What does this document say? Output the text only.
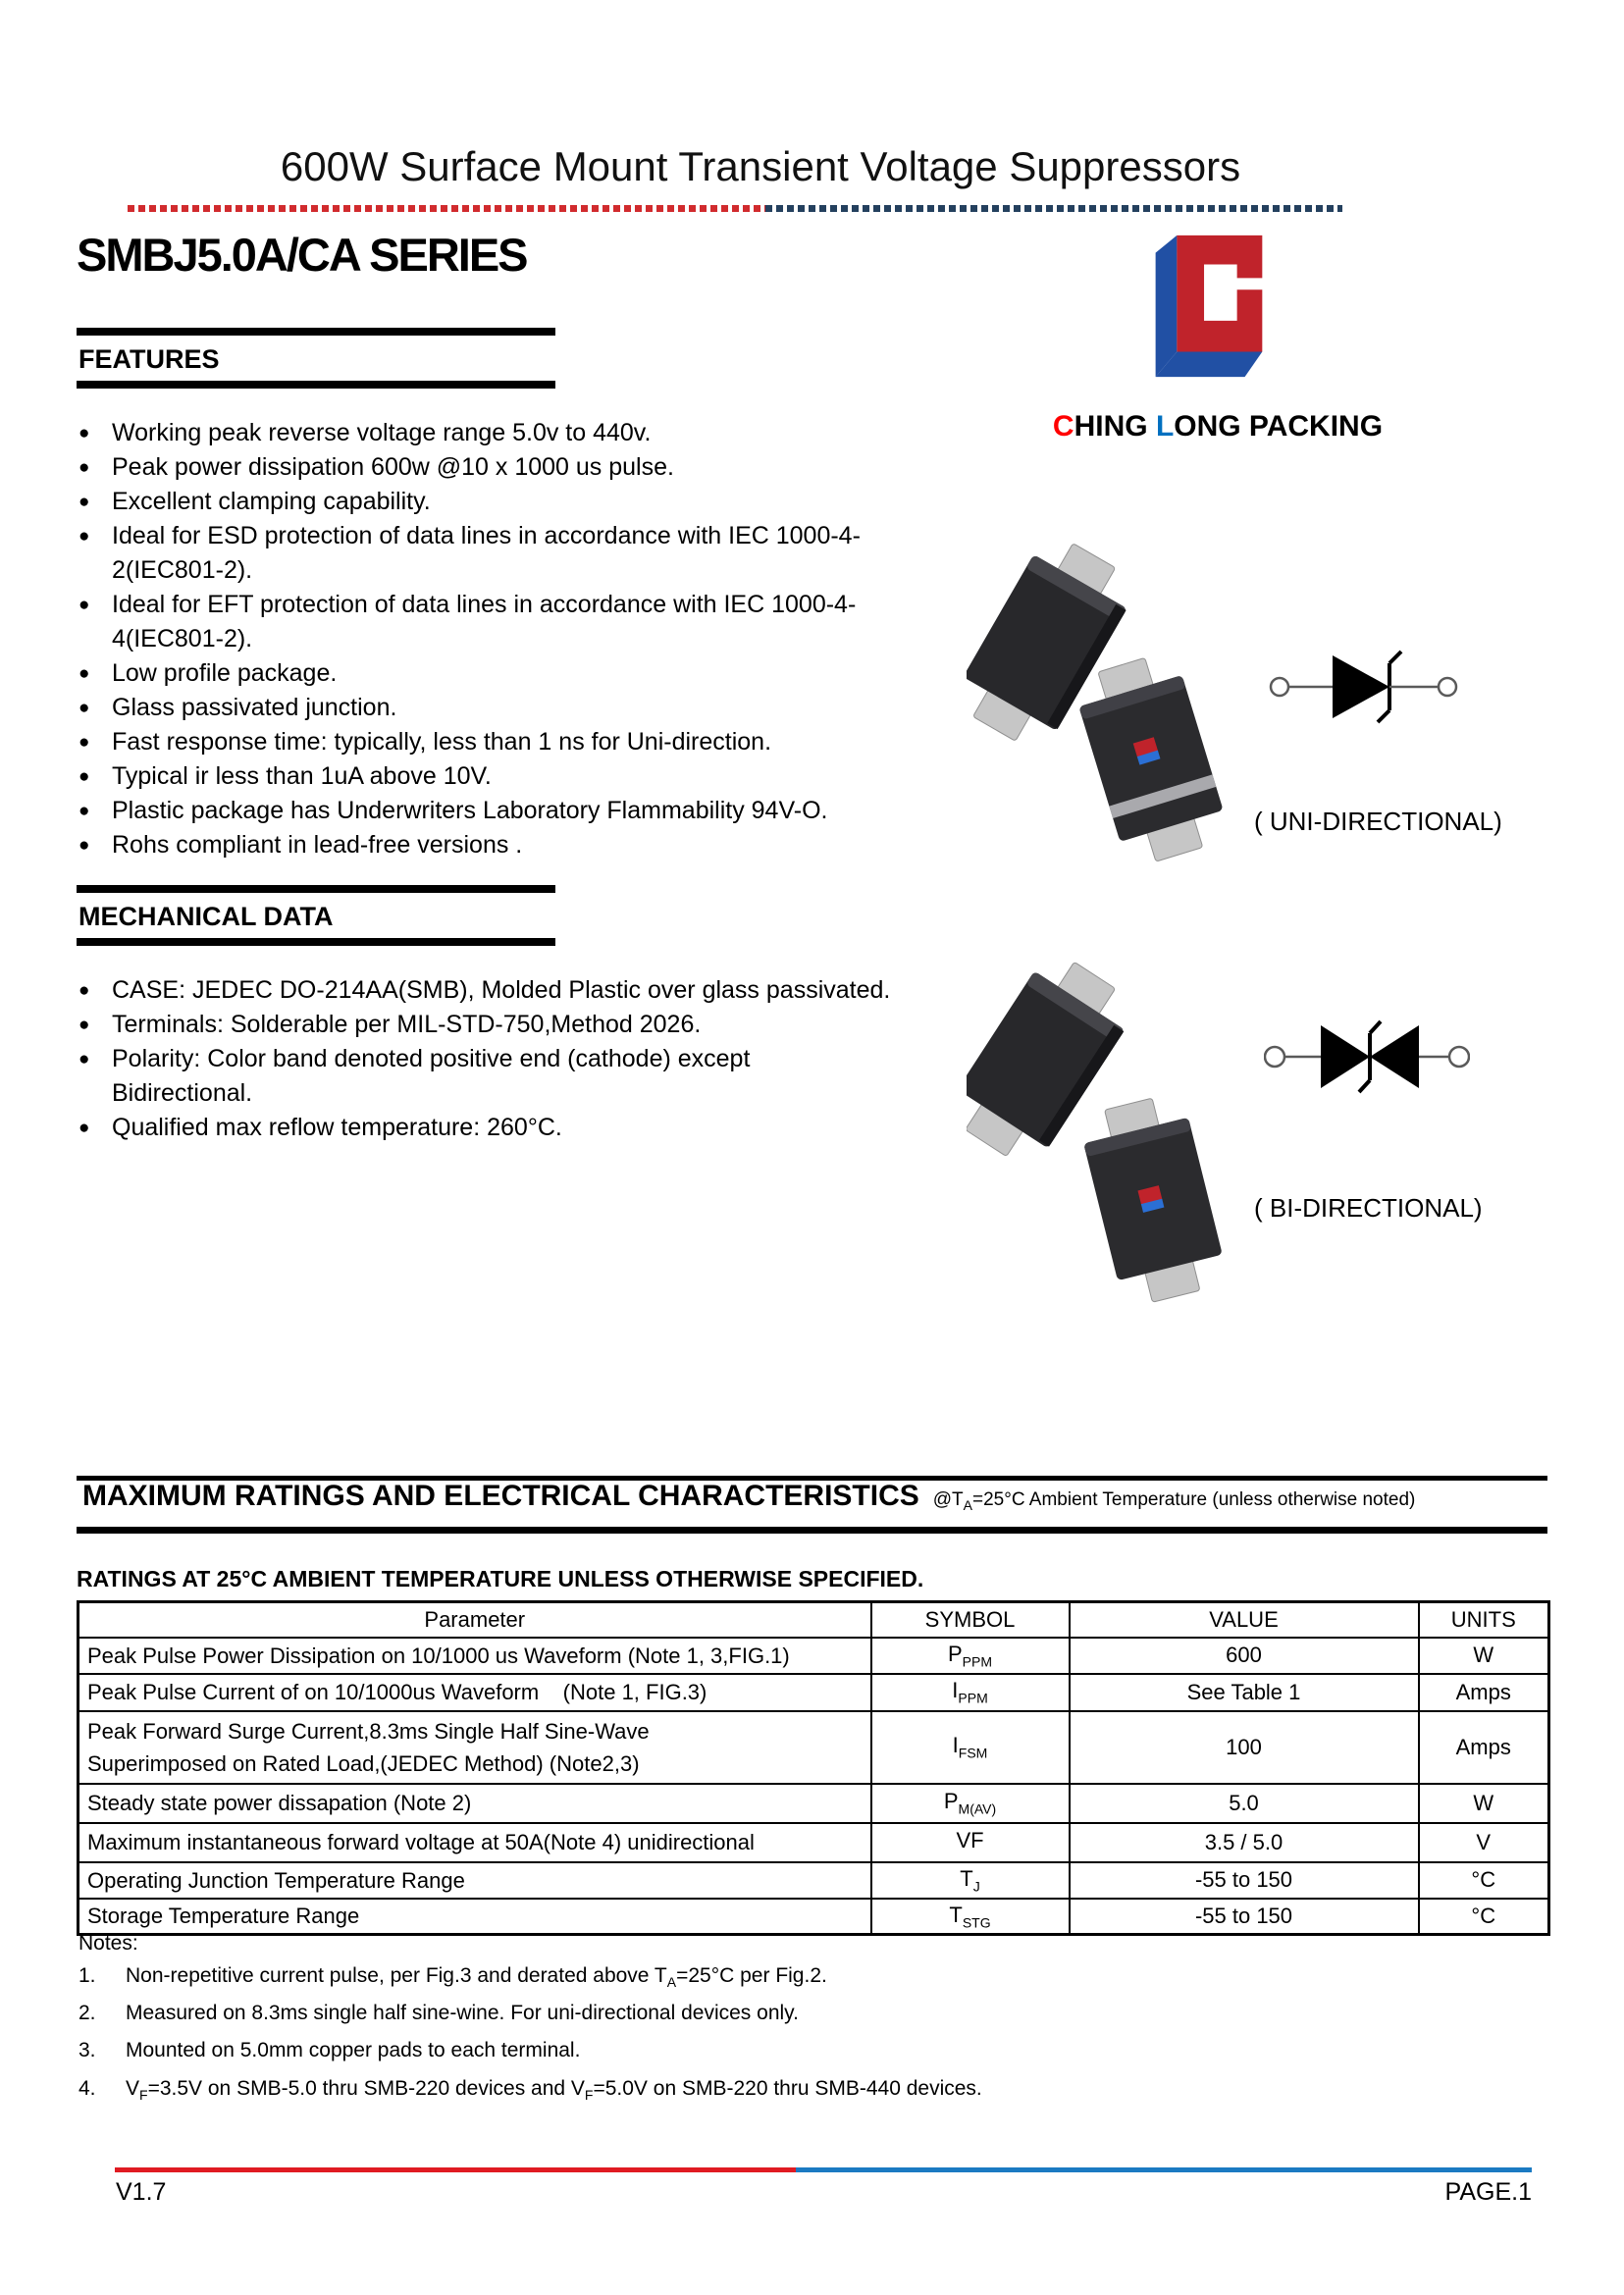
600W Surface Mount Transient Voltage Suppressors
SMBJ5.0A/CA SERIES
CHING LONG PACKING
FEATURES
● Working peak reverse voltage range 5.0v to 440v.
● Peak power dissipation 600w @10 x 1000 us pulse.
● Excellent clamping capability.
● Ideal for ESD protection of data lines in accordance with IEC 1000-4-
2(IEC801-2).
● Ideal for EFT protection of data lines in accordance with IEC 1000-4-
4(IEC801-2).
● Low profile package.
● Glass passivated junction.
● Fast response time: typically, less than 1 ns for Uni-direction.
● Typical ir less than 1uA above 10V.
● Plastic package has Underwriters Laboratory Flammability 94V-O.
● Rohs compliant in lead-free versions .
MECHANICAL DATA
● CASE: JEDEC DO-214AA(SMB), Molded Plastic over glass passivated.
● Terminals: Solderable per MIL-STD-750,Method 2026.
● Polarity: Color band denoted positive end (cathode) except
Bidirectional.
● Qualified max reflow temperature: 260°C.
( UNI-DIRECTIONAL)
( BI-DIRECTIONAL)
MAXIMUM RATINGS AND ELECTRICAL CHARACTERISTICS $@T_A=25^\circ C$ Ambient Temperature (unless otherwise noted)
RATINGS AT 25°C AMBIENT TEMPERATURE UNLESS OTHERWISE SPECIFIED.
Parameter	SYMBOL	VALUE	UNITS

Peak Pulse Power Dissipation on 10/1000 us Waveform (Note 1, 3,FIG.1)	$P_{PPM}$	600	W

Peak Pulse Current of on 10/1000us Waveform    (Note 1, FIG.3)	$I_{PPM}$	See Table 1	Amps

Peak Forward Surge Current,8.3ms Single Half Sine-Wave
Superimposed on Rated Load,(JEDEC Method) (Note2,3)	$I_{FSM}$	100	Amps

Steady state power dissapation (Note 2)	$P_{M(AV)}$	5.0	W

Maximum instantaneous forward voltage at 50A(Note 4) unidirectional	VF	3.5 / 5.0	V

Operating Junction Temperature Range	$T_J$	-55 to 150	°C

Storage Temperature Range	$T_{STG}$	-55 to 150	°C
Notes:
1. Non-repetitive current pulse, per Fig.3 and derated above $T_A=25^\circ C$ per Fig.2.
2. Measured on 8.3ms single half sine-wine. For uni-directional devices only.
3. Mounted on 5.0mm copper pads to each terminal.
4. $V_F=3.5V$ on SMB-5.0 thru SMB-220 devices and $V_F=5.0V$ on SMB-220 thru SMB-440 devices.
V1.7	PAGE.1
